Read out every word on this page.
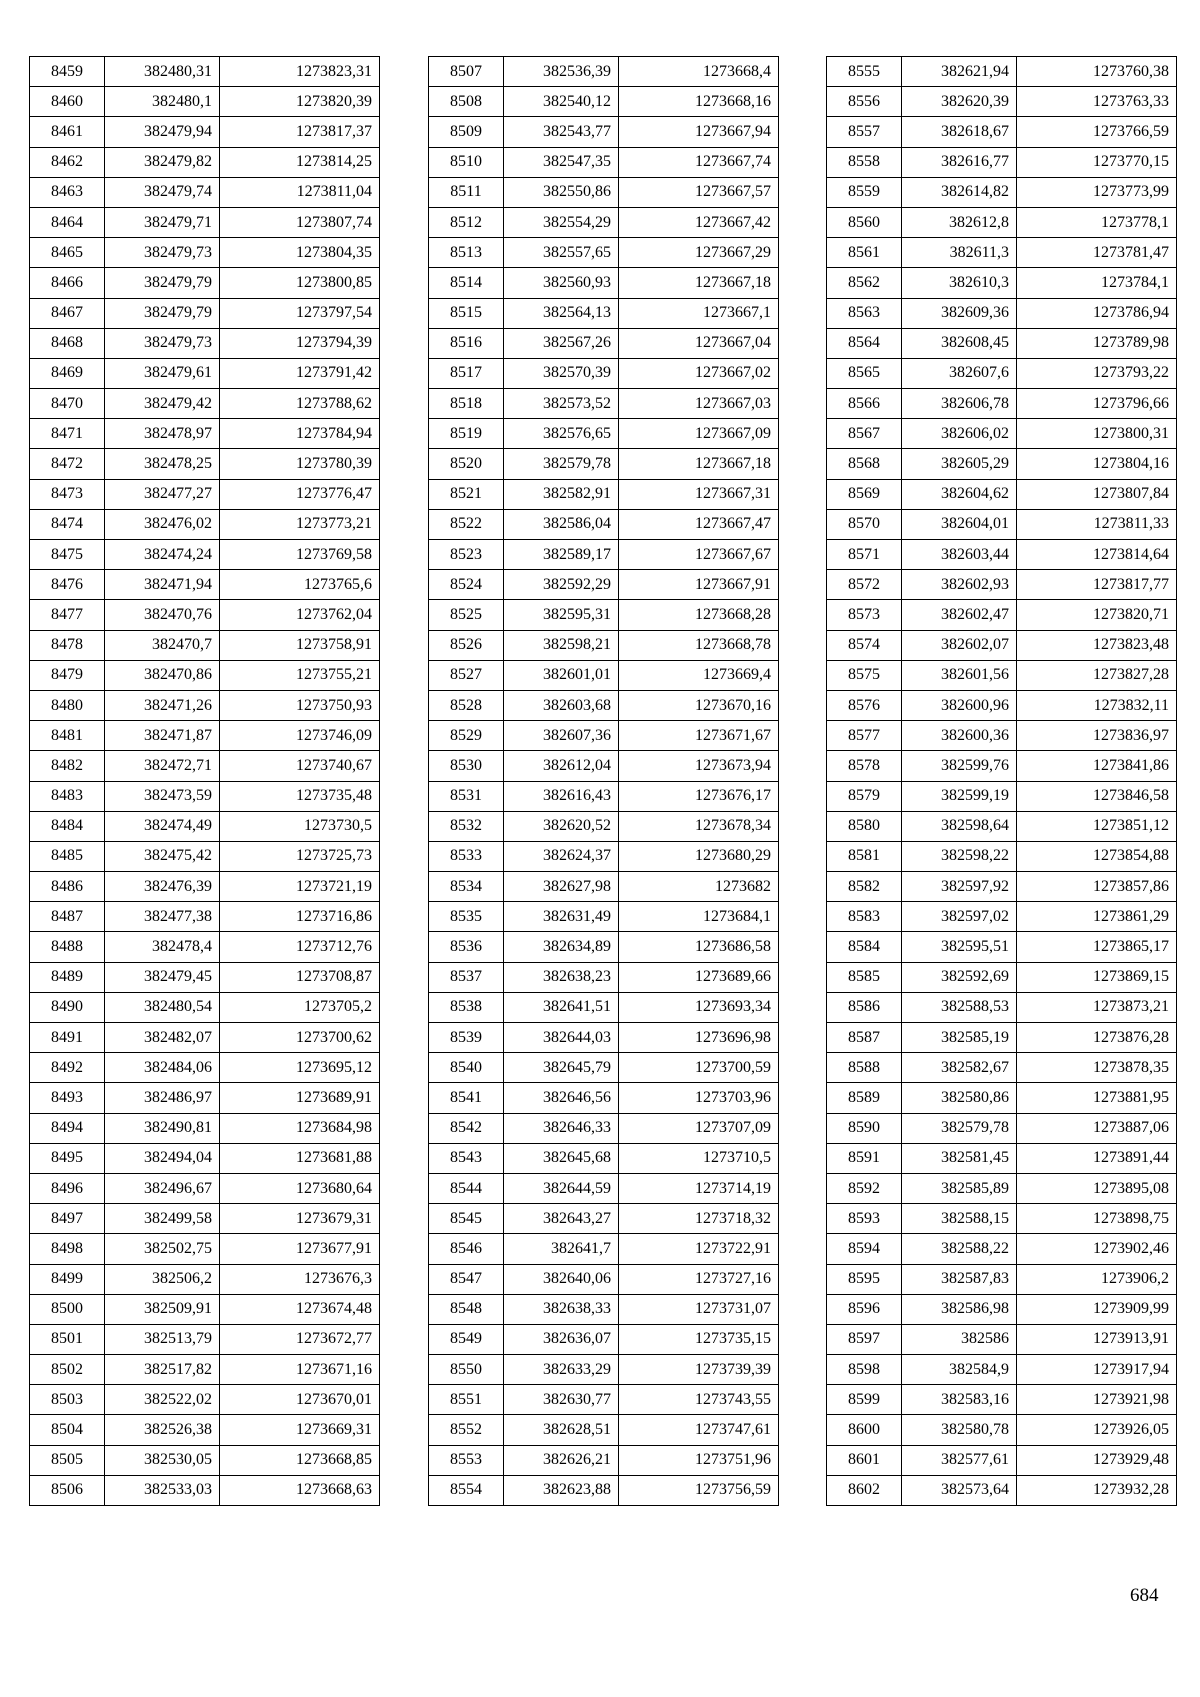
8459	382480,31	1273823,31
8460	382480,1	1273820,39
8461	382479,94	1273817,37
8462	382479,82	1273814,25
8463	382479,74	1273811,04
8464	382479,71	1273807,74
8465	382479,73	1273804,35
8466	382479,79	1273800,85
8467	382479,79	1273797,54
8468	382479,73	1273794,39
8469	382479,61	1273791,42
8470	382479,42	1273788,62
8471	382478,97	1273784,94
8472	382478,25	1273780,39
8473	382477,27	1273776,47
8474	382476,02	1273773,21
8475	382474,24	1273769,58
8476	382471,94	1273765,6
8477	382470,76	1273762,04
8478	382470,7	1273758,91
8479	382470,86	1273755,21
8480	382471,26	1273750,93
8481	382471,87	1273746,09
8482	382472,71	1273740,67
8483	382473,59	1273735,48
8484	382474,49	1273730,5
8485	382475,42	1273725,73
8486	382476,39	1273721,19
8487	382477,38	1273716,86
8488	382478,4	1273712,76
8489	382479,45	1273708,87
8490	382480,54	1273705,2
8491	382482,07	1273700,62
8492	382484,06	1273695,12
8493	382486,97	1273689,91
8494	382490,81	1273684,98
8495	382494,04	1273681,88
8496	382496,67	1273680,64
8497	382499,58	1273679,31
8498	382502,75	1273677,91
8499	382506,2	1273676,3
8500	382509,91	1273674,48
8501	382513,79	1273672,77
8502	382517,82	1273671,16
8503	382522,02	1273670,01
8504	382526,38	1273669,31
8505	382530,05	1273668,85
8506	382533,03	1273668,63
8507	382536,39	1273668,4
8508	382540,12	1273668,16
8509	382543,77	1273667,94
8510	382547,35	1273667,74
8511	382550,86	1273667,57
8512	382554,29	1273667,42
8513	382557,65	1273667,29
8514	382560,93	1273667,18
8515	382564,13	1273667,1
8516	382567,26	1273667,04
8517	382570,39	1273667,02
8518	382573,52	1273667,03
8519	382576,65	1273667,09
8520	382579,78	1273667,18
8521	382582,91	1273667,31
8522	382586,04	1273667,47
8523	382589,17	1273667,67
8524	382592,29	1273667,91
8525	382595,31	1273668,28
8526	382598,21	1273668,78
8527	382601,01	1273669,4
8528	382603,68	1273670,16
8529	382607,36	1273671,67
8530	382612,04	1273673,94
8531	382616,43	1273676,17
8532	382620,52	1273678,34
8533	382624,37	1273680,29
8534	382627,98	1273682
8535	382631,49	1273684,1
8536	382634,89	1273686,58
8537	382638,23	1273689,66
8538	382641,51	1273693,34
8539	382644,03	1273696,98
8540	382645,79	1273700,59
8541	382646,56	1273703,96
8542	382646,33	1273707,09
8543	382645,68	1273710,5
8544	382644,59	1273714,19
8545	382643,27	1273718,32
8546	382641,7	1273722,91
8547	382640,06	1273727,16
8548	382638,33	1273731,07
8549	382636,07	1273735,15
8550	382633,29	1273739,39
8551	382630,77	1273743,55
8552	382628,51	1273747,61
8553	382626,21	1273751,96
8554	382623,88	1273756,59
8555	382621,94	1273760,38
8556	382620,39	1273763,33
8557	382618,67	1273766,59
8558	382616,77	1273770,15
8559	382614,82	1273773,99
8560	382612,8	1273778,1
8561	382611,3	1273781,47
8562	382610,3	1273784,1
8563	382609,36	1273786,94
8564	382608,45	1273789,98
8565	382607,6	1273793,22
8566	382606,78	1273796,66
8567	382606,02	1273800,31
8568	382605,29	1273804,16
8569	382604,62	1273807,84
8570	382604,01	1273811,33
8571	382603,44	1273814,64
8572	382602,93	1273817,77
8573	382602,47	1273820,71
8574	382602,07	1273823,48
8575	382601,56	1273827,28
8576	382600,96	1273832,11
8577	382600,36	1273836,97
8578	382599,76	1273841,86
8579	382599,19	1273846,58
8580	382598,64	1273851,12
8581	382598,22	1273854,88
8582	382597,92	1273857,86
8583	382597,02	1273861,29
8584	382595,51	1273865,17
8585	382592,69	1273869,15
8586	382588,53	1273873,21
8587	382585,19	1273876,28
8588	382582,67	1273878,35
8589	382580,86	1273881,95
8590	382579,78	1273887,06
8591	382581,45	1273891,44
8592	382585,89	1273895,08
8593	382588,15	1273898,75
8594	382588,22	1273902,46
8595	382587,83	1273906,2
8596	382586,98	1273909,99
8597	382586	1273913,91
8598	382584,9	1273917,94
8599	382583,16	1273921,98
8600	382580,78	1273926,05
8601	382577,61	1273929,48
8602	382573,64	1273932,28
684
